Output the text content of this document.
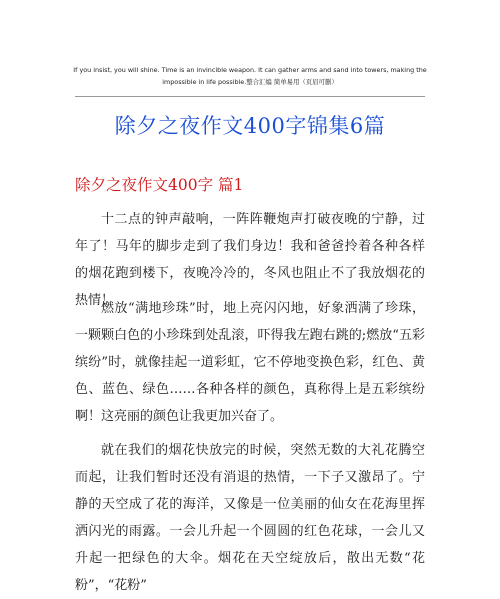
If you insist, you will shine. Time is an invincible weapon. It can gather arms and sand into towers, making the
impossible in life possible.整合汇编 简单易用（页眉可删）
除夕之夜作文400字锦集6篇
除夕之夜作文400字 篇1

十二点的钟声敲响，一阵阵鞭炮声打破夜晚的宁静，过年了！马年的脚步走到了我们身边！我和爸爸拎着各种各样的烟花跑到楼下，夜晚冷冷的，冬风也阻止不了我放烟花的热情！

燃放“满地珍珠”时，地上亮闪闪地，好象洒满了珍珠，一颗颗白色的小珍珠到处乱滚，吓得我左跑右跳的;燃放“五彩缤纷”时，就像挂起一道彩虹，它不停地变换色彩，红色、黄色、蓝色、绿色……各种各样的颜色，真称得上是五彩缤纷啊！这亮丽的颜色让我更加兴奋了。

就在我们的烟花快放完的时候，突然无数的大礼花腾空而起，让我们暂时还没有消退的热情，一下子又激昂了。宁静的天空成了花的海洋，又像是一位美丽的仙女在花海里挥洒闪光的雨露。一会儿升起一个圆圆的红色花球，一会儿又升起一把绿色的大伞。烟花在天空绽放后，散出无数“花粉”，“花粉”
